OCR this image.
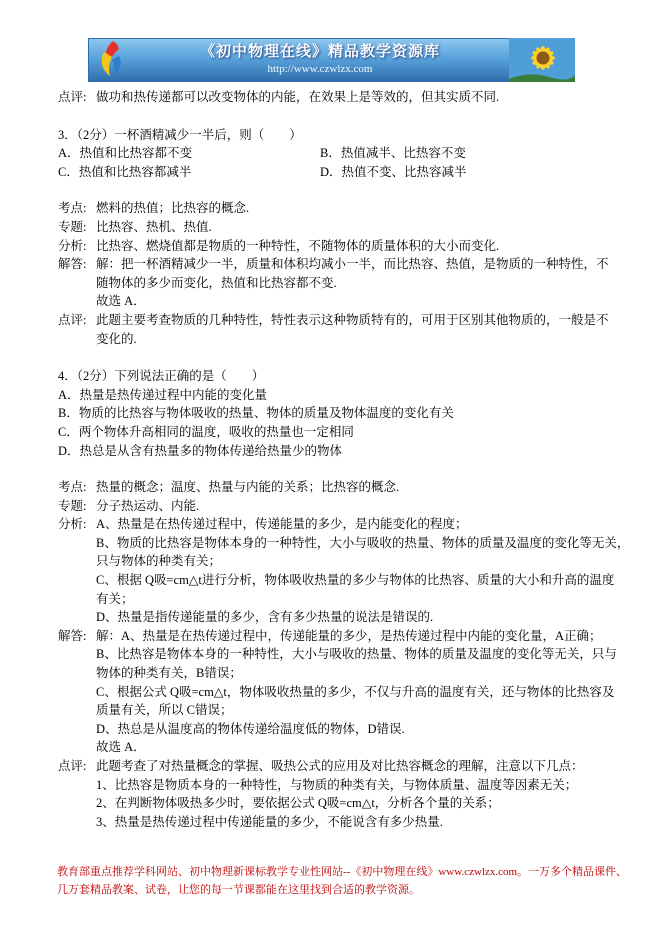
《初中物理在线》精品教学资源库
http://www.czwlzx.com
点评: 做功和热传递都可以改变物体的内能，在效果上是等效的，但其实质不同.
3．（2分）一杯酒精减少一半后，则（　　）
A．热值和比热容都不变	B．热值减半、比热容不变
C．热值和比热容都减半	D．热值不变、比热容减半
考点: 燃料的热值；比热容的概念.
专题: 比热容、热机、热值.
分析: 比热容、燃烧值都是物质的一种特性，不随物体的质量体积的大小而变化.
解答: 解：把一杯酒精减少一半，质量和体积均减小一半，而比热容、热值，是物质的一种特性，不
随物体的多少而变化，热值和比热容都不变.
故选 A．
点评: 此题主要考查物质的几种特性，特性表示这种物质特有的，可用于区别其他物质的，一般是不
变化的.
4．（2分）下列说法正确的是（　　）
A．热量是热传递过程中内能的变化量
B．物质的比热容与物体吸收的热量、物体的质量及物体温度的变化有关
C．两个物体升高相同的温度，吸收的热量也一定相同
D．热总是从含有热量多的物体传递给热量少的物体
考点: 热量的概念；温度、热量与内能的关系；比热容的概念.
专题: 分子热运动、内能.
分析: A、热量是在热传递过程中，传递能量的多少，是内能变化的程度；
B、物质的比热容是物体本身的一种特性，大小与吸收的热量、物体的质量及温度的变化等无关，
只与物体的种类有关；
C、根据 Q吸=cm△t进行分析，物体吸收热量的多少与物体的比热容、质量的大小和升高的温度
有关；
D、热量是指传递能量的多少，含有多少热量的说法是错误的.
解答: 解：A、热量是在热传递过程中，传递能量的多少，是热传递过程中内能的变化量，A正确；
B、比热容是物体本身的一种特性，大小与吸收的热量、物体的质量及温度的变化等无关，只与
物体的种类有关，B错误；
C、根据公式 Q吸=cm△t，物体吸收热量的多少，不仅与升高的温度有关，还与物体的比热容及
质量有关，所以 C错误；
D、热总是从温度高的物体传递给温度低的物体，D错误.
故选 A．
点评: 此题考查了对热量概念的掌握、吸热公式的应用及对比热容概念的理解，注意以下几点：
1、比热容是物质本身的一种特性，与物质的种类有关，与物体质量、温度等因素无关；
2、在判断物体吸热多少时，要依据公式 Q吸=cm△t，分析各个量的关系；
3、热量是热传递过程中传递能量的多少，不能说含有多少热量.
教育部重点推荐学科网站、初中物理新课标教学专业性网站--《初中物理在线》www.czwlzx.com。一万多个精品课件、
几万套精品教案、试卷，让您的每一节课都能在这里找到合适的教学资源。
